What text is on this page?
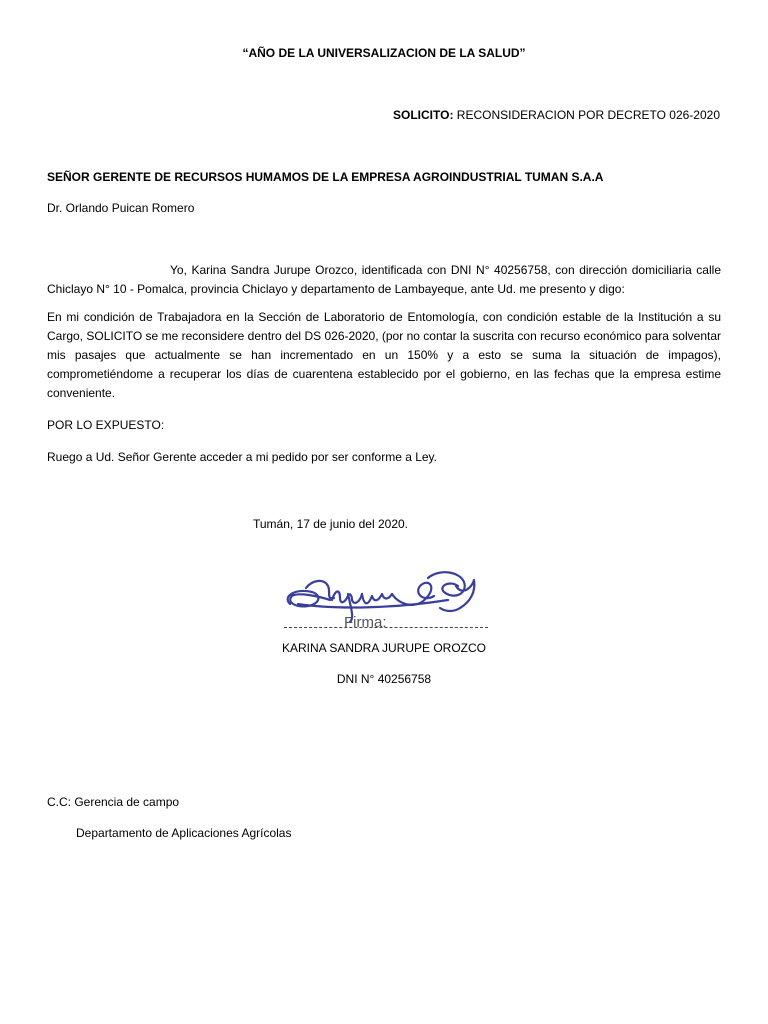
“AÑO DE LA UNIVERSALIZACION DE LA SALUD”
SOLICITO: RECONSIDERACION POR DECRETO 026-2020
SEÑOR GERENTE DE RECURSOS HUMAMOS DE LA EMPRESA AGROINDUSTRIAL TUMAN S.A.A
Dr. Orlando Puican Romero
Yo, Karina Sandra Jurupe Orozco, identificada con DNI N° 40256758, con dirección domiciliaria calle Chiclayo N° 10 - Pomalca, provincia Chiclayo y departamento de Lambayeque, ante Ud. me presento y digo:
En mi condición de Trabajadora en la Sección de Laboratorio de Entomología, con condición estable de la Institución a su Cargo, SOLICITO se me reconsidere dentro del DS 026-2020, (por no contar la suscrita con recurso económico para solventar mis pasajes que actualmente se han incrementado en un 150% y a esto se suma la situación de impagos), comprometiéndome a recuperar los días de cuarentena establecido por el gobierno, en las fechas que la empresa estime conveniente.
POR LO EXPUESTO:
Ruego a Ud. Señor Gerente acceder a mi pedido por ser conforme a Ley.
Tumán, 17 de junio del 2020.
Firma:
KARINA SANDRA JURUPE OROZCO
DNI N° 40256758
C.C: Gerencia de campo
Departamento de Aplicaciones Agrícolas
